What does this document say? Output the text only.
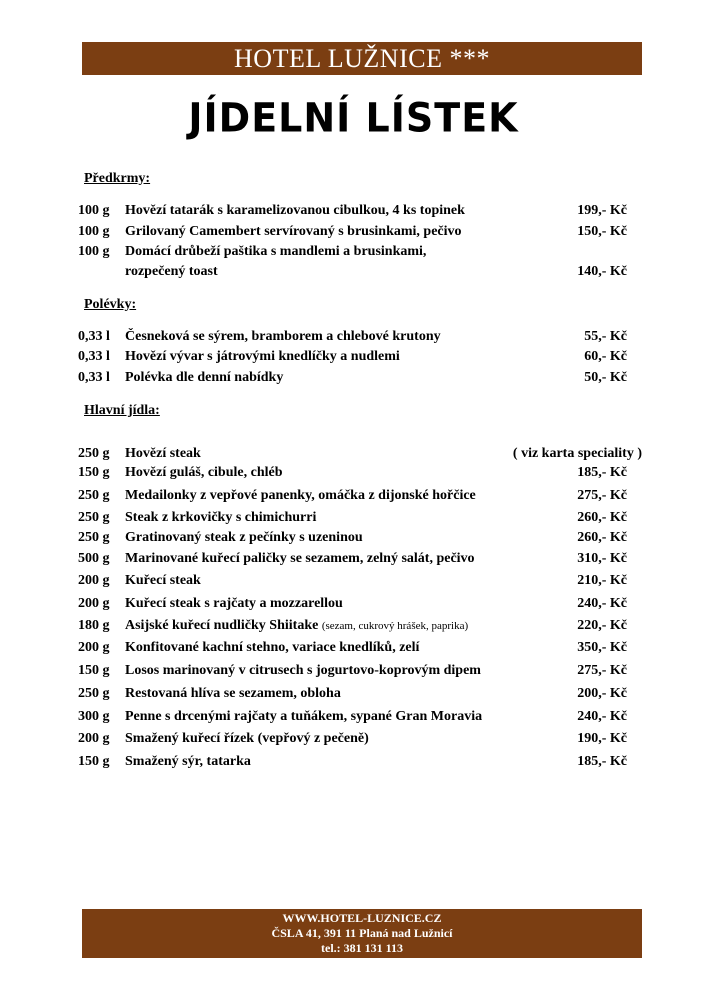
HOTEL LUŽNICE ***
JÍDELNÍ LÍSTEK
Předkrmy:
100 g Hovězí tatarák s karamelizovanou cibulkou, 4 ks topinek	199,- Kč
100 g Grilovaný Camembert servírovaný s brusinkami, pečivo	150,- Kč
100 g Domácí drůbeží paštika s mandlemi a brusinkami,
rozpečený toast	140,- Kč
Polévky:
0,33 l Česneková se sýrem, bramborem a chlebové krutony	55,- Kč
0,33 l Hovězí vývar s játrovými knedlíčky a nudlemi	60,- Kč
0,33 l Polévka dle denní nabídky	50,- Kč
Hlavní jídla:
250 g Hovězí steak	( viz karta speciality )
150 g Hovězí guláš, cibule, chléb	185,- Kč
250 g Medailonky z vepřové panenky, omáčka z dijonské hořčice	275,- Kč
250 g Steak z krkovičky s chimichurri	260,- Kč
250 g Gratinovaný steak z pečínky s uzeninou	260,- Kč
500 g Marinované kuřecí paličky se sezamem, zelný salát, pečivo	310,- Kč
200 g Kuřecí steak	210,- Kč
200 g Kuřecí steak s rajčaty a mozzarellou	240,- Kč
180 g Asijské kuřecí nudličky Shiitake (sezam, cukrový hrášek, paprika)	220,- Kč
200 g Konfitované kachní stehno, variace knedlíků, zelí	350,- Kč
150 g Losos marinovaný v citrusech s jogurtovo-koprovým dipem	275,- Kč
250 g Restovaná hlíva se sezamem, obloha	200,- Kč
300 g Penne s drcenými rajčaty a tuňákem, sypané Gran Moravia	240,- Kč
200 g Smažený kuřecí řízek (vepřový z pečeně)	190,- Kč
150 g Smažený sýr, tatarka	185,- Kč
WWW.HOTEL-LUZNICE.CZ
ČSLA 41, 391 11 Planá nad Lužnicí
tel.: 381 131 113
